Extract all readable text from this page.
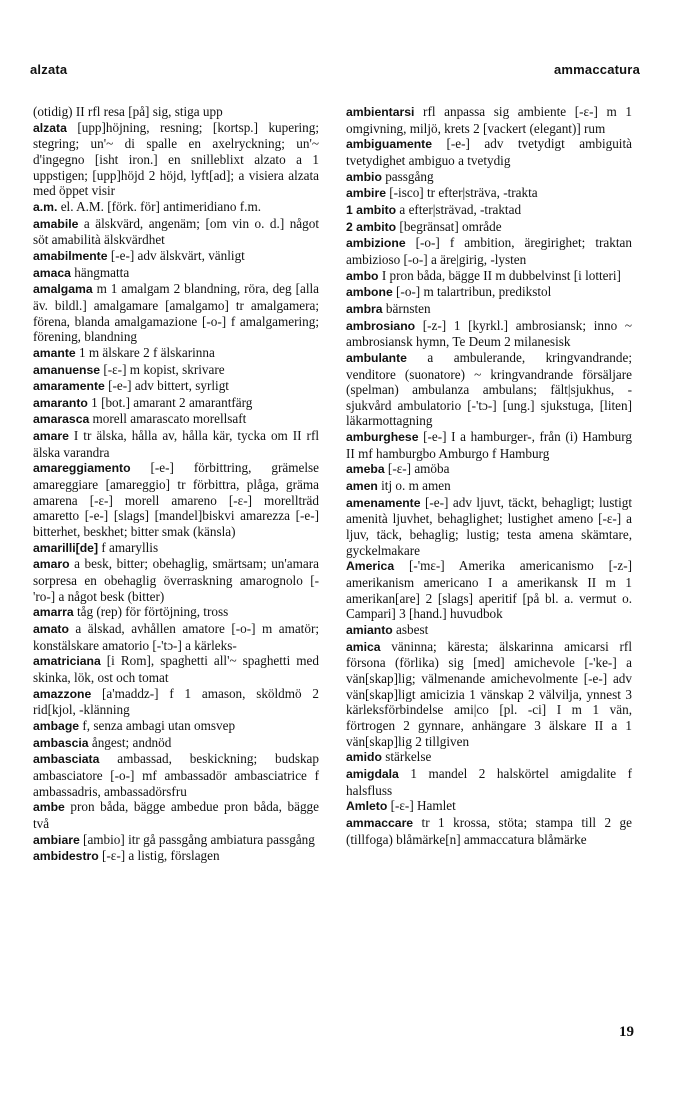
alzata	ammaccatura

(otidig) II rfl resa [på] sig, stiga upp

alzata [upp]höjning, resning; [kortsp.] kupering; stegring; un'~ di spalle en axelryckning; un'~ d'ingegno [isht iron.] en snilleblixt alzato a 1 uppstigen; [upp]höjd 2 höjd, lyft[ad]; a visiera alzata med öppet visir

a.m. el. A.M. [förk. för] antimeridiano f.m.

amabile a älskvärd, angenäm; [om vin o. d.] något söt amabilità älskvärdhet

amabilmente [-e-] adv älskvärt, vänligt

amaca hängmatta

amalgama m 1 amalgam 2 blandning, röra, deg [alla äv. bildl.] amalgamare [amalgamo] tr amalgamera; förena, blanda amalgamazione [-o-] f amalgamering; förening, blandning

amante 1 m älskare 2 f älskarinna

amanuense [-ɛ-] m kopist, skrivare

amaramente [-e-] adv bittert, syrligt

amaranto 1 [bot.] amarant 2 amarantfärg

amarasca morell amarascato morellsaft

amare I tr älska, hålla av, hålla kär, tycka om II rfl älska varandra

amareggiamento [-e-] förbittring, grämelse amareggiare [amareggio] tr förbittra, plåga, gräma amarena [-ɛ-] morell amareno [-ɛ-] morellträd amaretto [-e-] [slags] [mandel]biskvi amarezza [-e-] bitterhet, beskhet; bitter smak (känsla)

amarilli[de] f amaryllis

amaro a besk, bitter; obehaglig, smärtsam; un'amara sorpresa en obehaglig överraskning amarognolo [-'ro-] a något besk (bitter)

amarra tåg (rep) för förtöjning, tross

amato a älskad, avhållen amatore [-o-] m amatör; konstälskare amatorio [-'tɔ-] a kärleks-

amatriciana [i Rom], spaghetti all'~ spaghetti med skinka, lök, ost och tomat

amazzone [a'maddz-] f 1 amason, sköldmö 2 rid[kjol, -klänning

ambage f, senza ambagi utan omsvep

ambascia ångest; andnöd

ambasciata ambassad, beskickning; budskap ambasciatore [-o-] mf ambassadör ambasciatrice f ambassadris, ambassadörsfru

ambe pron båda, bägge ambedue pron båda, bägge två

ambiare [ambio] itr gå passgång ambiatura passgång

ambidestro [-ɛ-] a listig, förslagen

ambientarsi rfl anpassa sig ambiente [-ɛ-] m 1 omgivning, miljö, krets 2 [vackert (elegant)] rum

ambiguamente [-e-] adv tvetydigt ambiguità tvetydighet ambiguo a tvetydig

ambio passgång

ambire [-isco] tr efter|sträva, -trakta

1 ambito a efter|strävad, -traktad

2 ambito [begränsat] område

ambizione [-o-] f ambition, äregirighet; traktan ambizioso [-o-] a äre|girig, -lysten

ambo I pron båda, bägge II m dubbelvinst [i lotteri]

ambone [-o-] m talartribun, predikstol

ambra bärnsten

ambrosiano [-z-] 1 [kyrkl.] ambrosiansk; inno ~ ambrosiansk hymn, Te Deum 2 milanesisk

ambulante a ambulerande, kringvandrande; venditore (suonatore) ~ kringvandrande försäljare (spelman) ambulanza ambulans; fält|sjukhus, -sjukvård ambulatorio [-'tɔ-] [ung.] sjukstuga, [liten] läkarmottagning

amburghese [-e-] I a hamburger-, från (i) Hamburg II mf hamburgbo Amburgo f Hamburg

ameba [-ɛ-] amöba

amen itj o. m amen

amenamente [-e-] adv ljuvt, täckt, behagligt; lustigt amenità ljuvhet, behaglighet; lustighet ameno [-ɛ-] a ljuv, täck, behaglig; lustig; testa amena skämtare, gyckelmakare

America [-'mɛ-] Amerika americanismo [-z-] amerikanism americano I a amerikansk II m 1 amerikan[are] 2 [slags] aperitif [på bl. a. vermut o. Campari] 3 [hand.] huvudbok

amianto asbest

amica väninna; käresta; älskarinna amicarsi rfl försona (förlika) sig [med] amichevole [-'ke-] a vän[skap]lig; välmenande amichevolmente [-e-] adv vän[skap]ligt amicizia 1 vänskap 2 välvilja, ynnest 3 kärleksförbindelse ami|co [pl. -ci] I m 1 vän, förtrogen 2 gynnare, anhängare 3 älskare II a 1 vän[skap]lig 2 tillgiven

amido stärkelse

amigdala 1 mandel 2 halskörtel amigdalite f halsfluss

Amleto [-ɛ-] Hamlet

ammaccare tr 1 krossa, stöta; stampa till 2 ge (tillfoga) blåmärke[n] ammaccatura blåmärke

19
